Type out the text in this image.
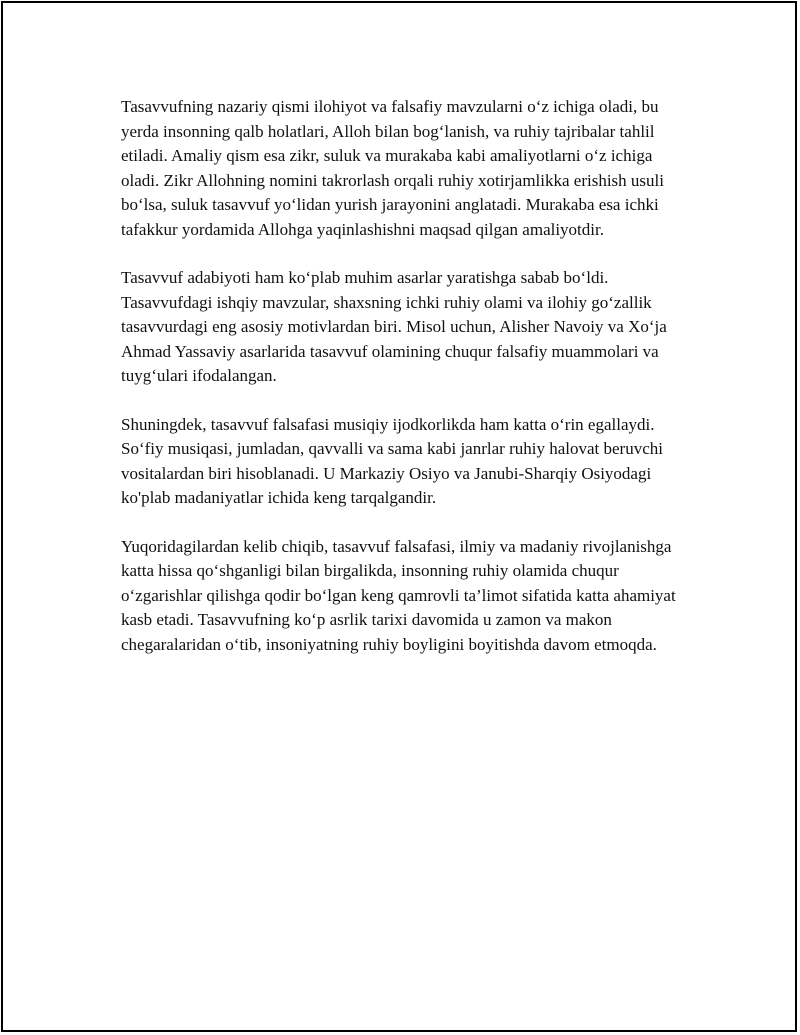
Tasavvufning nazariy qismi ilohiyot va falsafiy mavzularni o‘z ichiga oladi, bu yerda insonning qalb holatlari, Alloh bilan bog‘lanish, va ruhiy tajribalar tahlil etiladi. Amaliy qism esa zikr, suluk va murakaba kabi amaliyotlarni o‘z ichiga oladi. Zikr Allohning nomini takrorlash orqali ruhiy xotirjamlikka erishish usuli bo‘lsa, suluk tasavvuf yo‘lidan yurish jarayonini anglatadi. Murakaba esa ichki tafakkur yordamida Allohga yaqinlashishni maqsad qilgan amaliyotdir.

Tasavvuf adabiyoti ham ko‘plab muhim asarlar yaratishga sabab bo‘ldi. Tasavvufdagi ishqiy mavzular, shaxsning ichki ruhiy olami va ilohiy go‘zallik tasavvurdagi eng asosiy motivlardan biri. Misol uchun, Alisher Navoiy va Xo‘ja Ahmad Yassaviy asarlarida tasavvuf olamining chuqur falsafiy muammolari va tuyg‘ulari ifodalangan.

Shuningdek, tasavvuf falsafasi musiqiy ijodkorlikda ham katta o‘rin egallaydi. So‘fiy musiqasi, jumladan, qavvalli va sama kabi janrlar ruhiy halovat beruvchi vositalardan biri hisoblanadi. U Markaziy Osiyo va Janubi-Sharqiy Osiyodagi ko'plab madaniyatlar ichida keng tarqalgandir.

Yuqoridagilardan kelib chiqib, tasavvuf falsafasi, ilmiy va madaniy rivojlanishga katta hissa qo‘shganligi bilan birgalikda, insonning ruhiy olamida chuqur o‘zgarishlar qilishga qodir bo‘lgan keng qamrovli ta’limot sifatida katta ahamiyat kasb etadi. Tasavvufning ko‘p asrlik tarixi davomida u zamon va makon chegaralaridan o‘tib, insoniyatning ruhiy boyligini boyitishda davom etmoqda.
